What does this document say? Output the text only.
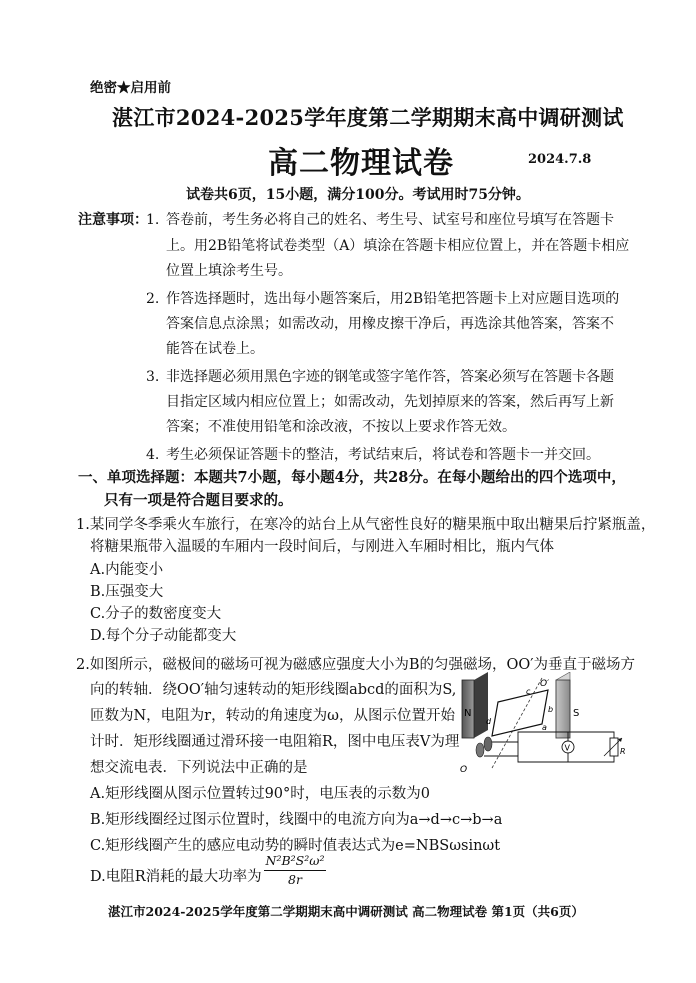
绝密★启用前
湛江市2024-2025学年度第二学期期末高中调研测试
高二物理试卷	2024.7.8
试卷共6页，15小题，满分100分。考试用时75分钟。
注意事项：
1. 答卷前，考生务必将自己的姓名、考生号、试室号和座位号填写在答题卡
上。用2B铅笔将试卷类型（A）填涂在答题卡相应位置上，并在答题卡相应
位置上填涂考生号。
2. 作答选择题时，选出每小题答案后，用2B铅笔把答题卡上对应题目选项的
答案信息点涂黑；如需改动，用橡皮擦干净后，再选涂其他答案，答案不
能答在试卷上。
3. 非选择题必须用黑色字迹的钢笔或签字笔作答，答案必须写在答题卡各题
目指定区域内相应位置上；如需改动，先划掉原来的答案，然后再写上新
答案；不准使用铅笔和涂改液，不按以上要求作答无效。
4. 考生必须保证答题卡的整洁，考试结束后，将试卷和答题卡一并交回。
一、单项选择题：本题共7小题，每小题4分，共28分。在每小题给出的四个选项中，
只有一项是符合题目要求的。
1.某同学冬季乘火车旅行，在寒冷的站台上从气密性良好的糖果瓶中取出糖果后拧紧瓶盖，
将糖果瓶带入温暖的车厢内一段时间后，与刚进入车厢时相比，瓶内气体
A.内能变小
B.压强变大
C.分子的数密度变大
D.每个分子动能都变大
2.如图所示，磁极间的磁场可视为磁感应强度大小为B的匀强磁场，OO′为垂直于磁场方
向的转轴．绕OO′轴匀速转动的矩形线圈abcd的面积为S,
匝数为N，电阻为r，转动的角速度为ω，从图示位置开始
计时．矩形线圈通过滑环接一电阻箱R，图中电压表V为理
想交流电表．下列说法中正确的是
A.矩形线圈从图示位置转过90°时，电压表的示数为0
B.矩形线圈经过图示位置时，线圈中的电流方向为a→d→c→b→a
C.矩形线圈产生的感应电动势的瞬时值表达式为e=NBSωsinωt
D.电阻R消耗的最大功率为
N²B²S²ω²
8r
N	S
O′
b
c
d
a
O
V	R
湛江市2024-2025学年度第二学期期末高中调研测试 高二物理试卷 第1页（共6页）
